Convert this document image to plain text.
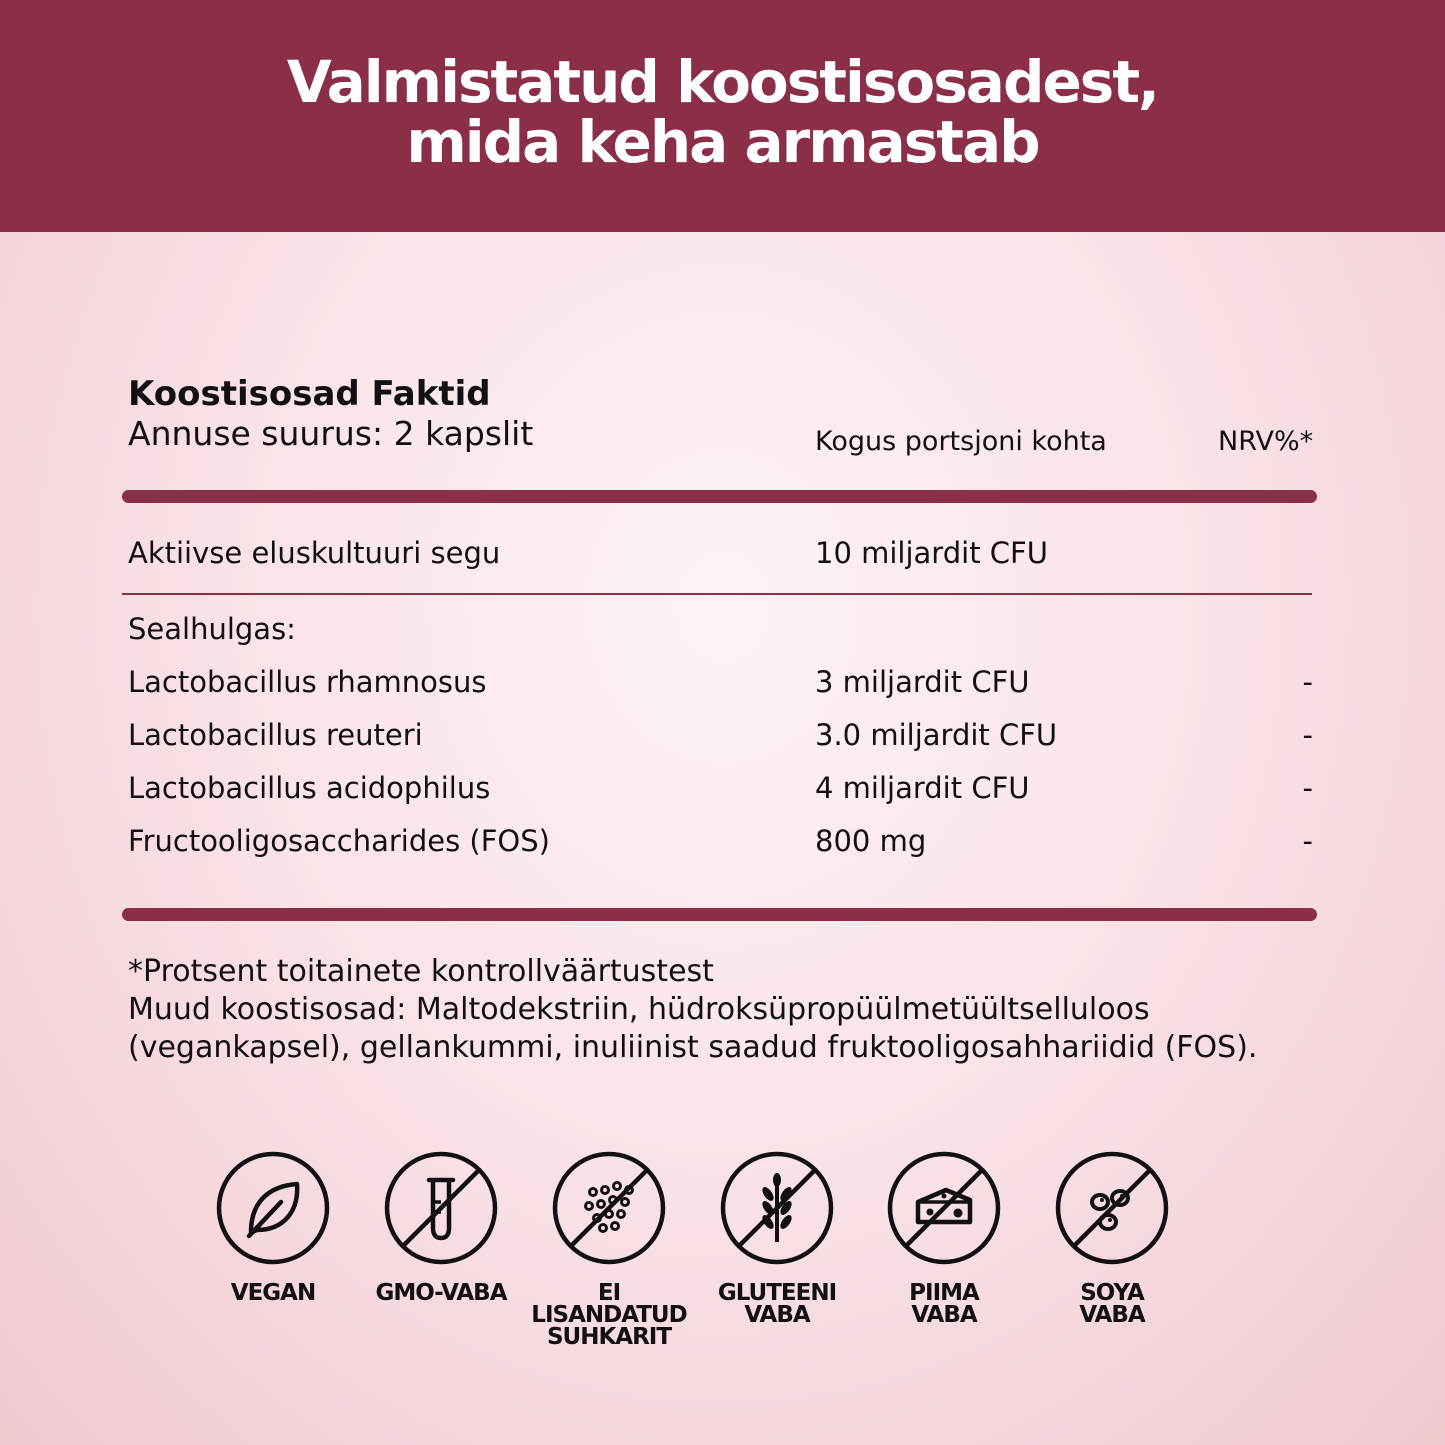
Valmistatud koostisosadest,
mida keha armastab
Koostisosad Faktid
Annuse suurus: 2 kapslit	Kogus portsjoni kohta	NRV%*
Aktiivse eluskultuuri segu	10 miljardit CFU
Sealhulgas:
Lactobacillus rhamnosus	3 miljardit CFU	-
Lactobacillus reuteri	3.0 miljardit CFU	-
Lactobacillus acidophilus	4 miljardit CFU	-
Fructooligosaccharides (FOS)	800 mg	-

*Protsent toitainete kontrollväärtustest

Muud koostisosad: Maltodekstriin, hüdroksüpropüülmetüültselluloos (vegankapsel), gellankummi, inuliinist saadud fruktooligosahhariidid (FOS).

VEGAN	GMO-VABA	EI
LISANDATUD
SUHKARIT
GLUTEENI
VABA
PIIMA
VABA
SOYA
VABA
